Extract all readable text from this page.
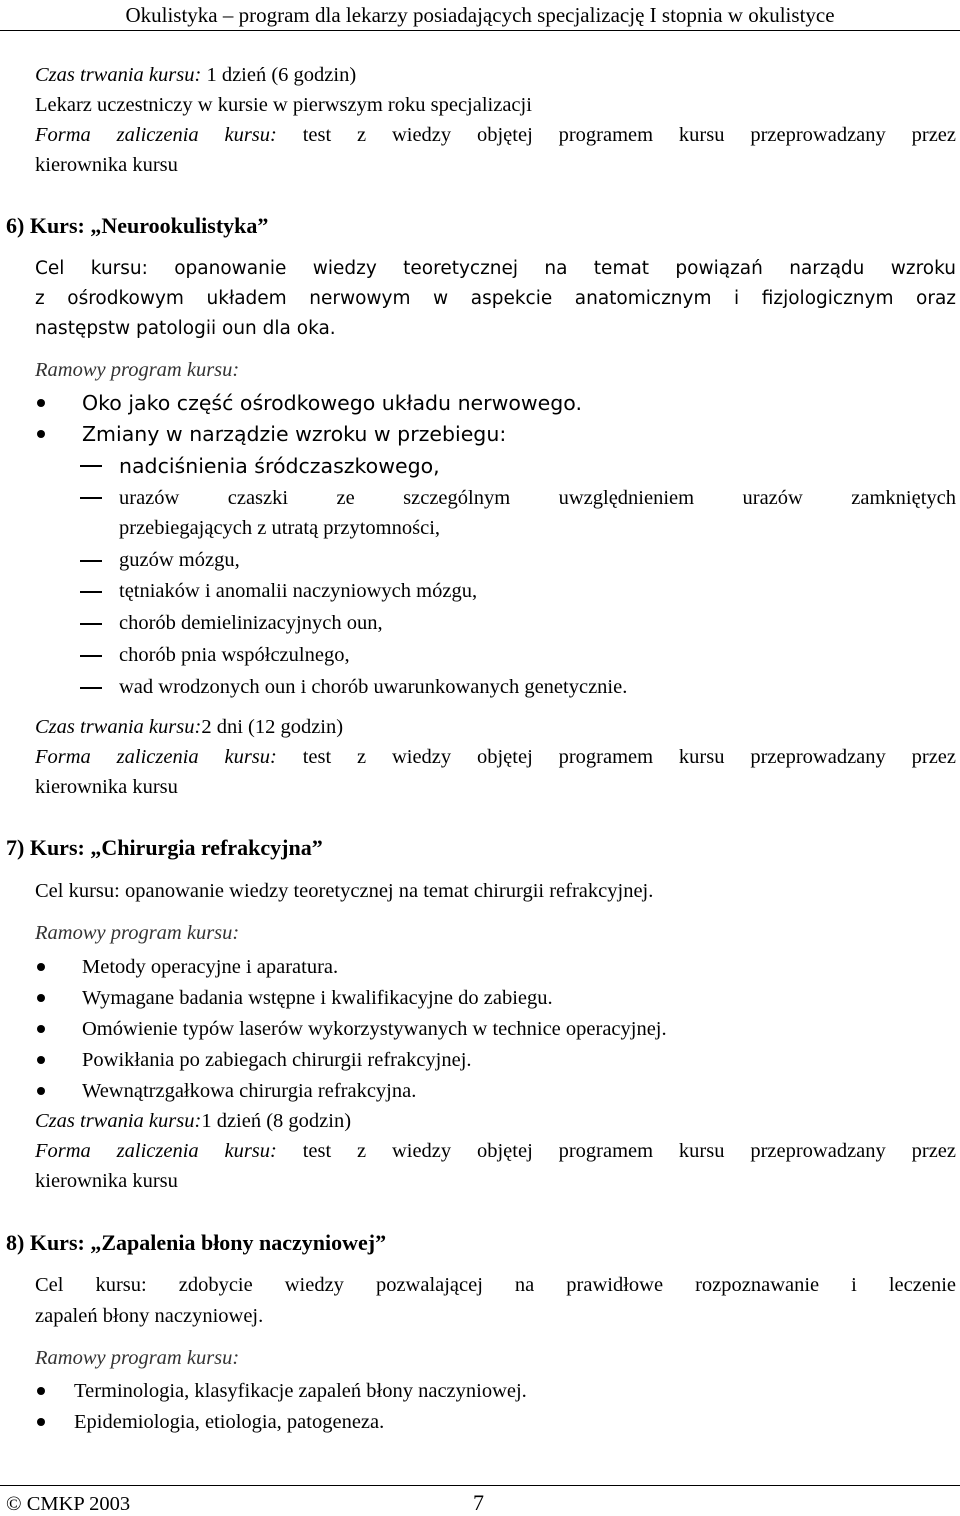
Okulistyka – program dla lekarzy posiadających specjalizację I stopnia w okulistyce
Czas trwania kursu: 1 dzień (6 godzin)
Lekarz uczestniczy w kursie w pierwszym roku specjalizacji
Forma zaliczenia kursu: test z wiedzy objętej programem kursu przeprowadzany przez
kierownika kursu
6) Kurs: „Neurookulistyka”
Cel kursu: opanowanie wiedzy teoretycznej na temat powiązań narządu wzroku
z ośrodkowym układem nerwowym w aspekcie anatomicznym i fizjologicznym oraz
następstw patologii oun dla oka.
Ramowy program kursu:
Oko jako część ośrodkowego układu nerwowego.
Zmiany w narządzie wzroku w przebiegu:
nadciśnienia śródczaszkowego,
urazów czaszki ze szczególnym uwzględnieniem urazów zamkniętych
przebiegających z utratą przytomności,
guzów mózgu,
tętniaków i anomalii naczyniowych mózgu,
chorób demielinizacyjnych oun,
chorób pnia współczulnego,
wad wrodzonych oun i chorób uwarunkowanych genetycznie.
Czas trwania kursu:2 dni (12 godzin)
Forma zaliczenia kursu: test z wiedzy objętej programem kursu przeprowadzany przez
kierownika kursu
7) Kurs: „Chirurgia refrakcyjna”
Cel kursu: opanowanie wiedzy teoretycznej na temat chirurgii refrakcyjnej.
Ramowy program kursu:
Metody operacyjne i aparatura.
Wymagane badania wstępne i kwalifikacyjne do zabiegu.
Omówienie typów laserów wykorzystywanych w technice operacyjnej.
Powikłania po zabiegach chirurgii refrakcyjnej.
Wewnątrzgałkowa chirurgia refrakcyjna.
Czas trwania kursu:1 dzień (8 godzin)
Forma zaliczenia kursu: test z wiedzy objętej programem kursu przeprowadzany przez
kierownika kursu
8) Kurs: „Zapalenia błony naczyniowej”
Cel kursu: zdobycie wiedzy pozwalającej na prawidłowe rozpoznawanie i leczenie
zapaleń błony naczyniowej.
Ramowy program kursu:
Terminologia, klasyfikacje zapaleń błony naczyniowej.
Epidemiologia, etiologia, patogeneza.
© CMKP 2003	7
